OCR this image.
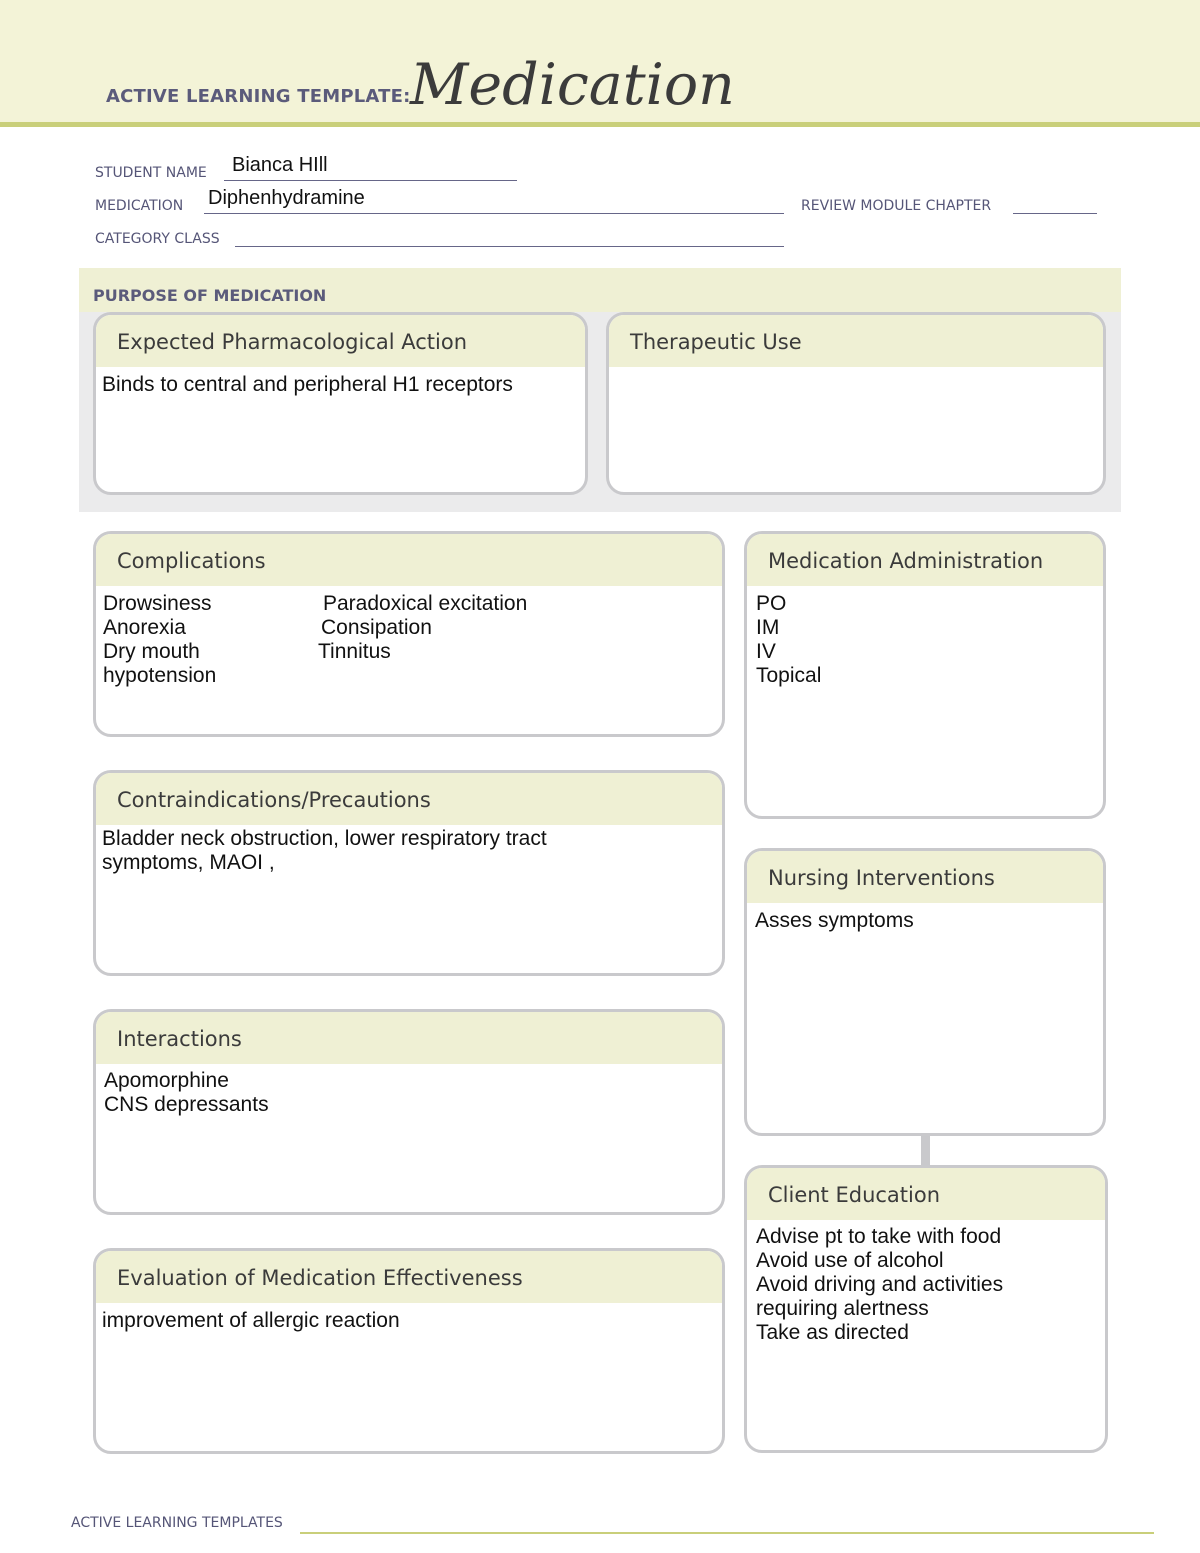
ACTIVE LEARNING TEMPLATE: Medication
STUDENT NAME Bianca HIll
MEDICATION Diphenhydramine	REVIEW MODULE CHAPTER
CATEGORY CLASS
PURPOSE OF MEDICATION
Expected Pharmacological Action
Binds to central and peripheral H1 receptors
Therapeutic Use
Complications
Drowsiness
Anorexia
Dry mouth
hypotension
Paradoxical excitation
Consipation
Tinnitus
Medication Administration
PO
IM
IV
Topical
Contraindications/Precautions
Bladder neck obstruction, lower respiratory tract
symptoms, MAOI ,
Nursing Interventions
Asses symptoms
Interactions
Apomorphine
CNS depressants
Client Education
Advise pt to take with food
Avoid use of alcohol
Avoid driving and activities
requiring alertness
Take as directed
Evaluation of Medication Effectiveness
improvement of allergic reaction
ACTIVE LEARNING TEMPLATES
